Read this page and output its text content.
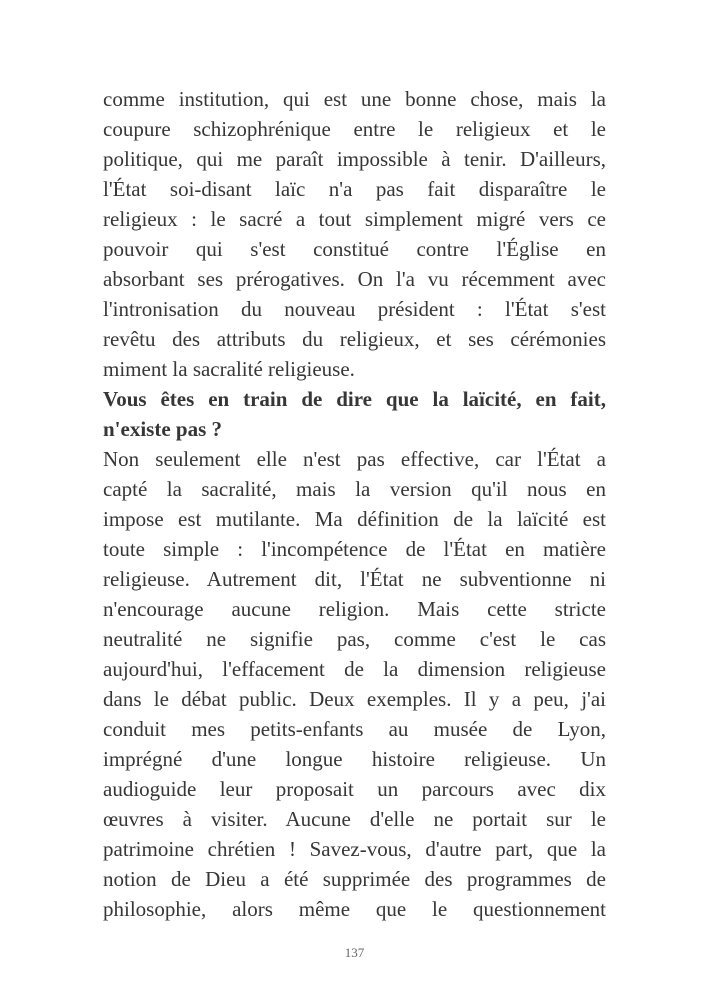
comme institution, qui est une bonne chose, mais la
coupure schizophrénique entre le religieux et le
politique, qui me paraît impossible à tenir. D'ailleurs,
l'État soi-disant laïc n'a pas fait disparaître le
religieux : le sacré a tout simplement migré vers ce
pouvoir qui s'est constitué contre l'Église en
absorbant ses prérogatives. On l'a vu récemment avec
l'intronisation du nouveau président : l'État s'est
revêtu des attributs du religieux, et ses cérémonies
miment la sacralité religieuse.
Vous êtes en train de dire que la laïcité, en fait,
n'existe pas ?
Non seulement elle n'est pas effective, car l'État a
capté la sacralité, mais la version qu'il nous en
impose est mutilante. Ma définition de la laïcité est
toute simple : l'incompétence de l'État en matière
religieuse. Autrement dit, l'État ne subventionne ni
n'encourage aucune religion. Mais cette stricte
neutralité ne signifie pas, comme c'est le cas
aujourd'hui, l'effacement de la dimension religieuse
dans le débat public. Deux exemples. Il y a peu, j'ai
conduit mes petits-enfants au musée de Lyon,
imprégné d'une longue histoire religieuse. Un
audioguide leur proposait un parcours avec dix
œuvres à visiter. Aucune d'elle ne portait sur le
patrimoine chrétien ! Savez-vous, d'autre part, que la
notion de Dieu a été supprimée des programmes de
philosophie, alors même que le questionnement
137
